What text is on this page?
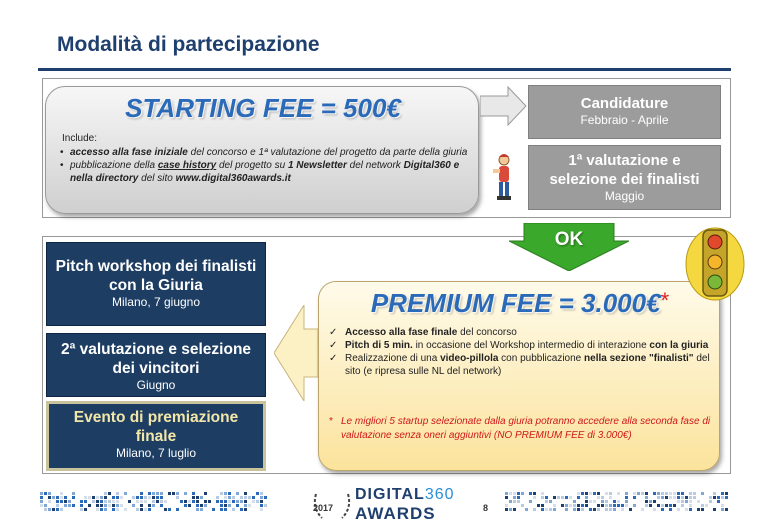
Modalità di partecipazione
STARTING FEE = 500€
Include:
• accesso alla fase iniziale del concorso e 1ª valutazione del progetto da parte della giuria
• pubblicazione della case history del progetto su 1 Newsletter del network Digital360 e nella directory del sito www.digital360awards.it
Candidature
Febbraio - Aprile
1ª valutazione e selezione dei finalisti
Maggio
OK
Pitch workshop dei finalisti con la Giuria
Milano, 7 giugno
2ª valutazione e selezione dei vincitori
Giugno
Evento di premiazione finale
Milano, 7 luglio
PREMIUM FEE = 3.000€*
✓ Accesso alla fase finale del concorso
✓ Pitch di 5 min. in occasione del Workshop intermedio di interazione con la giuria
✓ Realizzazione di una video-pillola con pubblicazione nella sezione "finalisti" del sito (e ripresa sulle NL del network)
* Le migliori 5 startup selezionate dalla giuria potranno accedere alla seconda fase di valutazione senza oneri aggiuntivi (NO PREMIUM FEE di 3.000€)
2017
DIGITAL360
AWARDS	8
